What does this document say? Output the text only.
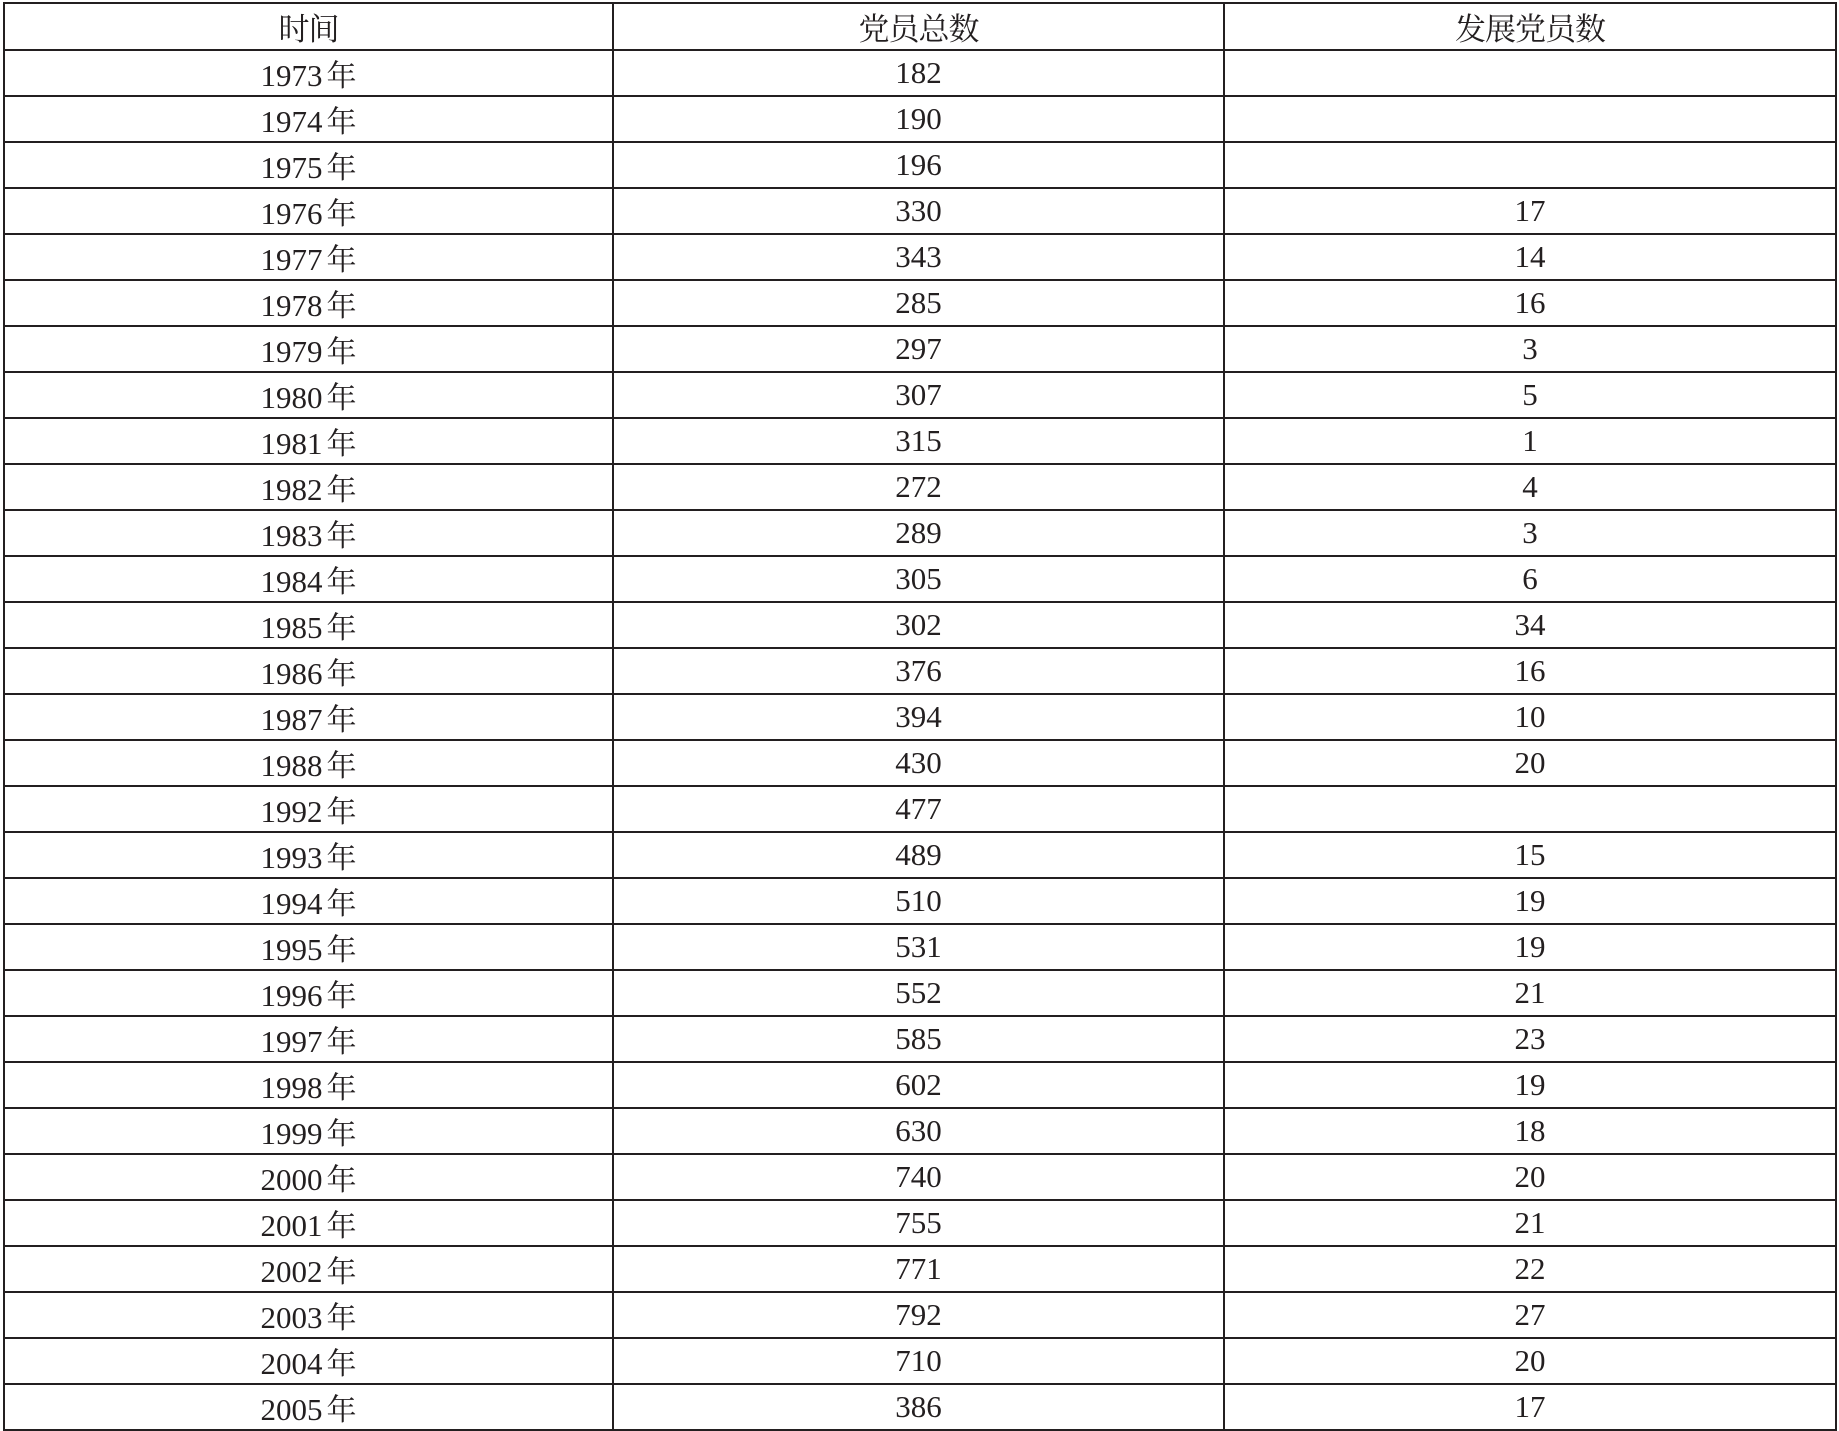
时间	党员总数	发展党员数
1973 年	182	
1974 年	190	
1975 年	196	
1976 年	330	17
1977 年	343	14
1978 年	285	16
1979 年	297	3
1980 年	307	5
1981 年	315	1
1982 年	272	4
1983 年	289	3
1984 年	305	6
1985 年	302	34
1986 年	376	16
1987 年	394	10
1988 年	430	20
1992 年	477	
1993 年	489	15
1994 年	510	19
1995 年	531	19
1996 年	552	21
1997 年	585	23
1998 年	602	19
1999 年	630	18
2000 年	740	20
2001 年	755	21
2002 年	771	22
2003 年	792	27
2004 年	710	20
2005 年	386	17
